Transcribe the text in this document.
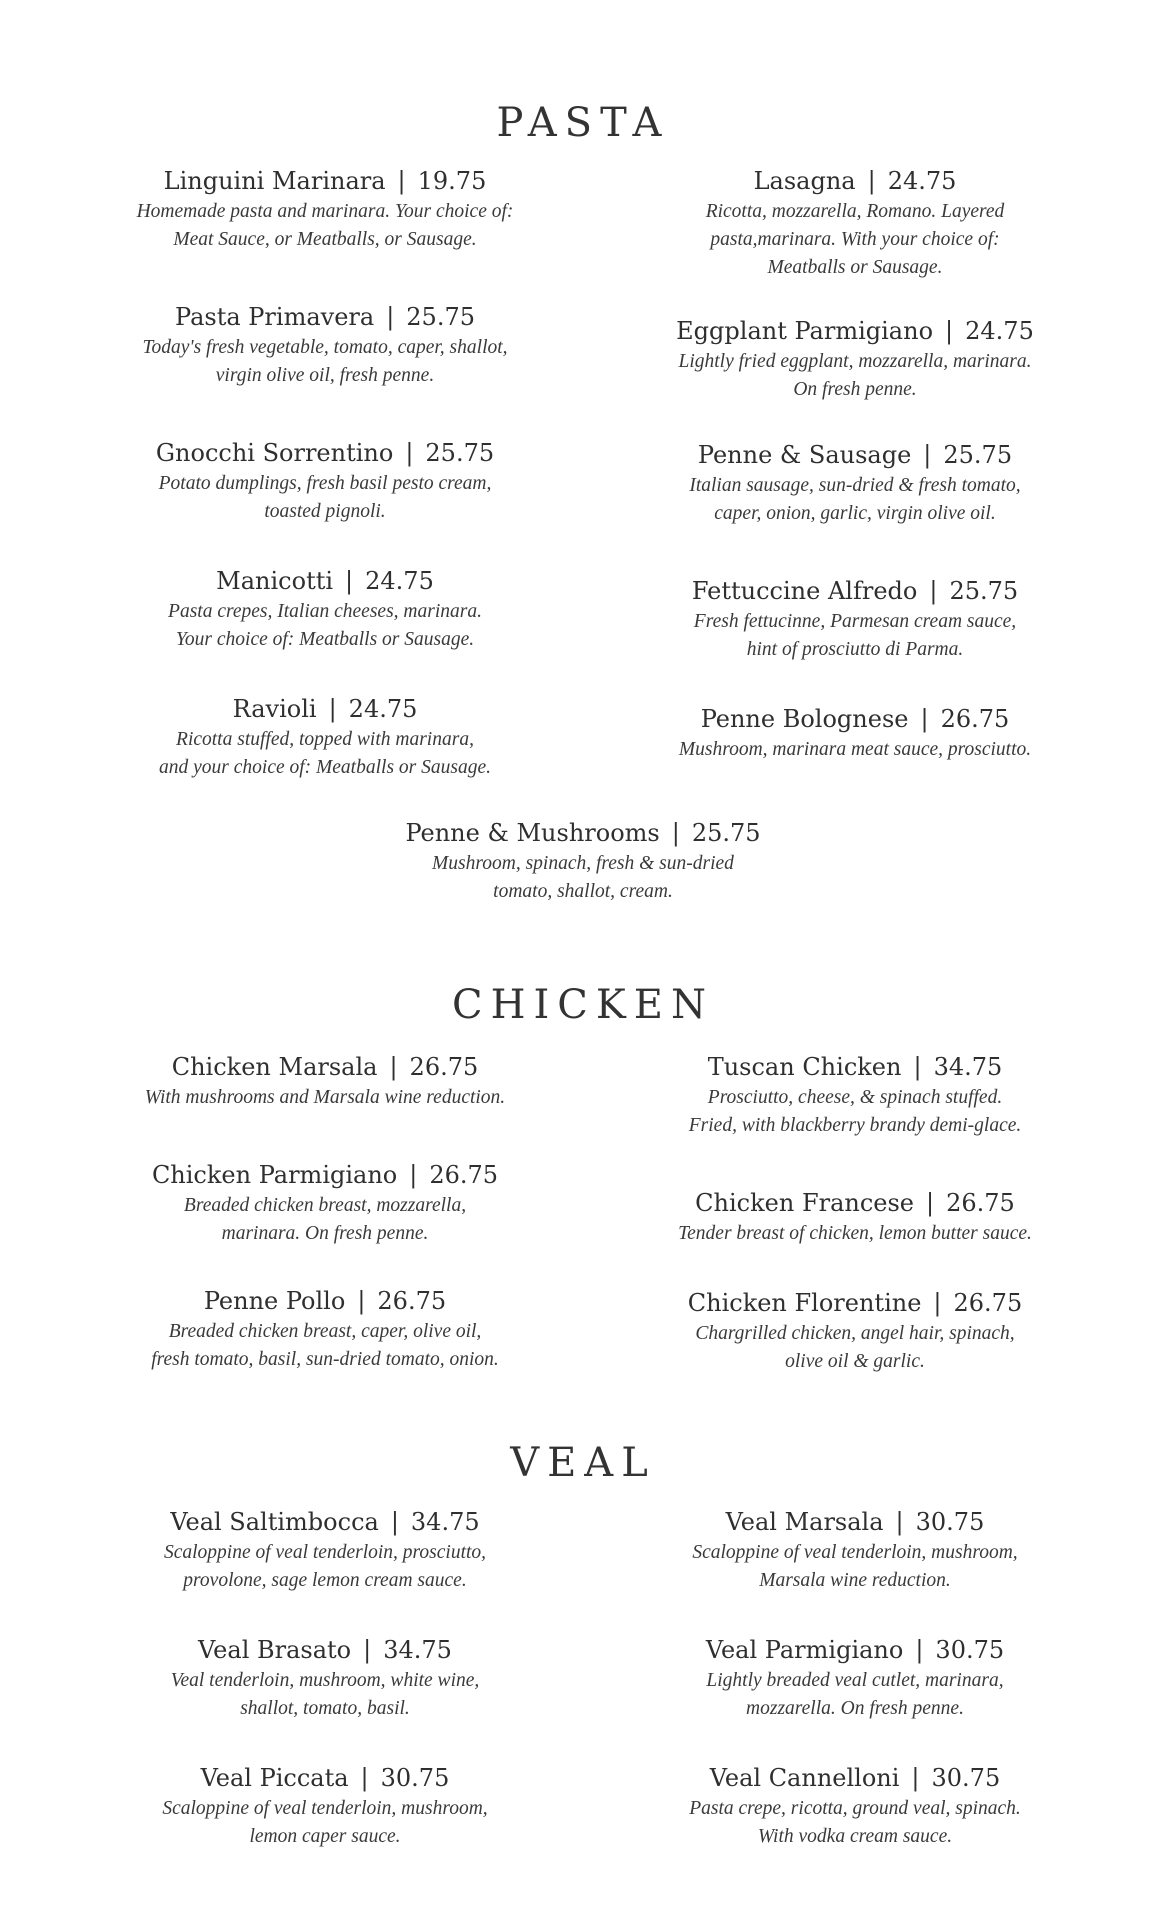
PASTA
Linguini Marinara | 19.75
Homemade pasta and marinara. Your choice of:
Meat Sauce, or Meatballs, or Sausage.
Pasta Primavera | 25.75
Today's fresh vegetable, tomato, caper, shallot,
virgin olive oil, fresh penne.
Gnocchi Sorrentino | 25.75
Potato dumplings, fresh basil pesto cream,
toasted pignoli.
Manicotti | 24.75
Pasta crepes, Italian cheeses, marinara.
Your choice of: Meatballs or Sausage.
Ravioli | 24.75
Ricotta stuffed, topped with marinara,
and your choice of: Meatballs or Sausage.
Lasagna | 24.75
Ricotta, mozzarella, Romano. Layered
pasta,marinara. With your choice of:
Meatballs or Sausage.
Eggplant Parmigiano | 24.75
Lightly fried eggplant, mozzarella, marinara.
On fresh penne.
Penne & Sausage | 25.75
Italian sausage, sun-dried & fresh tomato,
caper, onion, garlic, virgin olive oil.
Fettuccine Alfredo | 25.75
Fresh fettucinne, Parmesan cream sauce,
hint of prosciutto di Parma.
Penne Bolognese | 26.75
Mushroom, marinara meat sauce, prosciutto.
Penne & Mushrooms | 25.75
Mushroom, spinach, fresh & sun-dried
tomato, shallot, cream.
CHICKEN
Chicken Marsala | 26.75
With mushrooms and Marsala wine reduction.
Chicken Parmigiano | 26.75
Breaded chicken breast, mozzarella,
marinara. On fresh penne.
Penne Pollo | 26.75
Breaded chicken breast, caper, olive oil,
fresh tomato, basil, sun-dried tomato, onion.
Tuscan Chicken | 34.75
Prosciutto, cheese, & spinach stuffed.
Fried, with blackberry brandy demi-glace.
Chicken Francese | 26.75
Tender breast of chicken, lemon butter sauce.
Chicken Florentine | 26.75
Chargrilled chicken, angel hair, spinach,
olive oil & garlic.
VEAL
Veal Saltimbocca | 34.75
Scaloppine of veal tenderloin, prosciutto,
provolone, sage lemon cream sauce.
Veal Brasato | 34.75
Veal tenderloin, mushroom, white wine,
shallot, tomato, basil.
Veal Piccata | 30.75
Scaloppine of veal tenderloin, mushroom,
lemon caper sauce.
Veal Marsala | 30.75
Scaloppine of veal tenderloin, mushroom,
Marsala wine reduction.
Veal Parmigiano | 30.75
Lightly breaded veal cutlet, marinara,
mozzarella. On fresh penne.
Veal Cannelloni | 30.75
Pasta crepe, ricotta, ground veal, spinach.
With vodka cream sauce.
